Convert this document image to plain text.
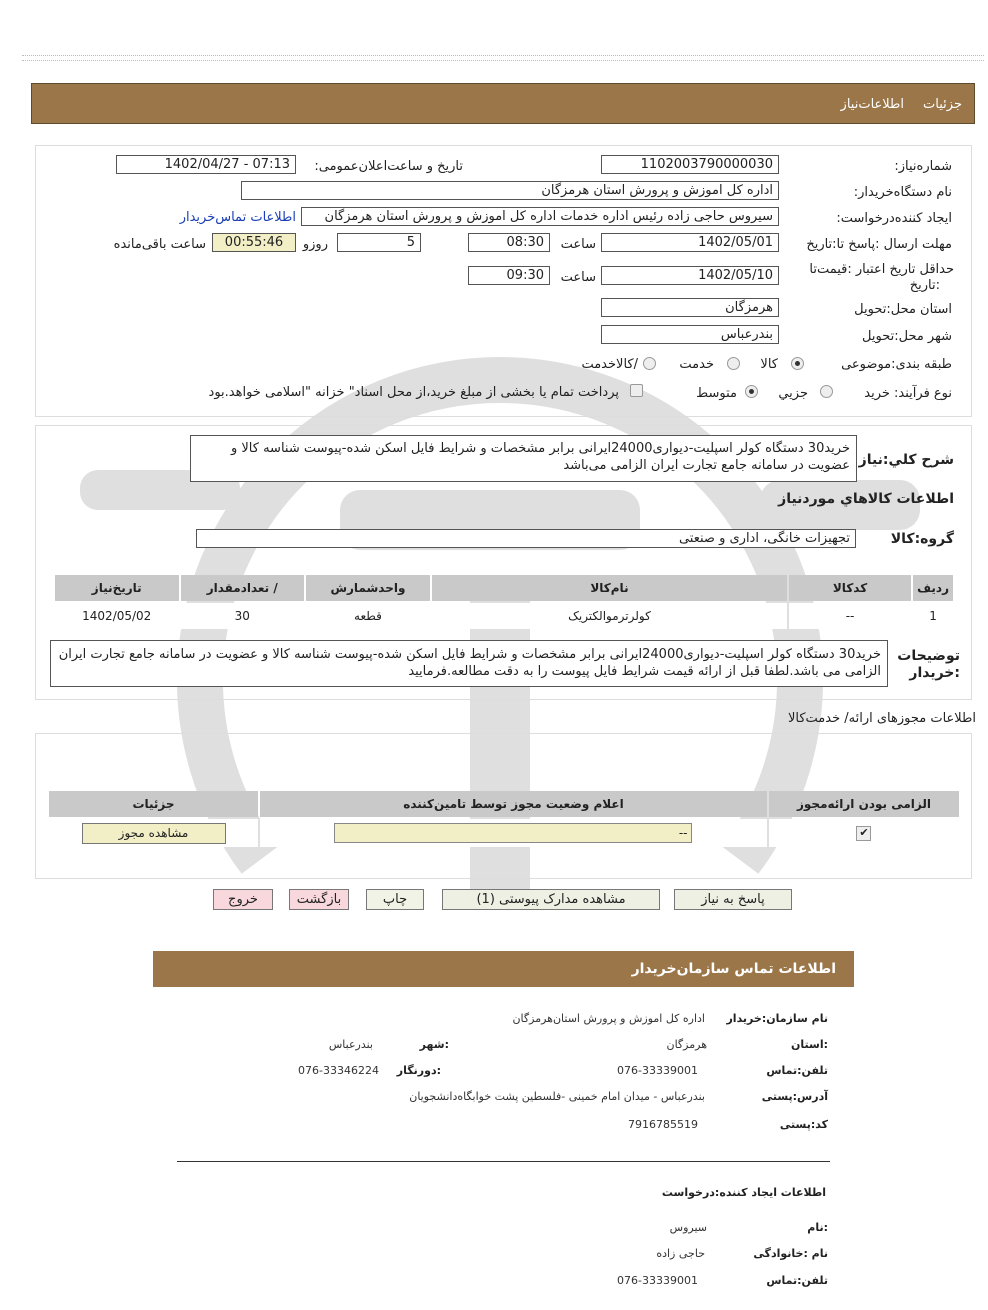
جزئیات
اطلاعات‌نیاز
شماره‌نیاز:
1102003790000030
تاریخ و ساعت‌اعلان‌عمومی:
1402/04/27 - 07:13
نام دستگاه‌خریدار:
اداره کل اموزش و پرورش استان هرمزگان
ایجاد کننده‌درخواست:
سیروس حاجی زاده رئیس اداره خدمات اداره کل اموزش و پرورش استان هرمزگان
اطلاعات تماس‌خریدار
مهلت ارسال :پاسخ تا:تاریخ
1402/05/01
ساعت
08:30
5
روزو
00:55:46
ساعت باقی‌مانده
حداقل تاریخ اعتبار :قیمت‌تا
:تاریخ
1402/05/10
ساعت
09:30
استان محل:تحویل
هرمزگان
شهر محل:تحویل
بندرعباس
طبقه بندی:موضوعی
کالا
خدمت
/کالاخدمت
نوع فرآیند: خرید
جزیي
متوسط
پرداخت تمام یا بخشی از مبلغ خرید،از محل اسناد" خزانه "اسلامی خواهد.بود
شرح کلي:نیاز
خرید30 دستگاه کولر اسپلیت-دیواری24000ایرانی برابر مشخصات و شرایط فایل اسکن شده-پیوست شناسه کالا و عضویت در سامانه جامع تجارت ایران الزامی می‌باشد
اطلاعات کالاهاي موردنیاز
گروه:کالا
تجهیزات خانگی، اداری و صنعتی
ردیف	کدکالا	نام‌کالا	واحدشمارش	/ تعدادمقدار	تاریخ‌نیاز
1	--	کولرترموالکتریک	قطعه	30	1402/05/02
توضیحات
:خریدار
خرید30 دستگاه کولر اسپلیت-دیواری24000ایرانی برابر مشخصات و شرایط فایل اسکن شده-پیوست شناسه کالا و عضویت در سامانه جامع تجارت ایران الزامی می باشد.لطفا قبل از ارائه قیمت شرایط فایل پیوست را به دقت مطالعه.فرمایید
اطلاعات مجوزهای ارائه/ خدمت‌کالا
الزامی بودن ارائه‌مجوز	اعلام وضعیت مجوز توسط تامین‌کننده	جزئیات
✔	--	مشاهده مجوز
پاسخ به نیاز
مشاهده مدارک پیوستی (1)
چاپ
بازگشت
خروج
اطلاعات تماس سازمان‌خریدار
نام سازمان:خریدار
اداره کل اموزش و پرورش استان‌هرمزگان
:استان
هرمزگان
:شهر
بندرعباس
تلفن:تماس
076-33339001
:دورنگار
076-33346224
آدرس:پستی
بندرعباس - میدان امام خمینی -فلسطین پشت خوابگاه‌دانشجویان
کد:پستی
7916785519
اطلاعات ایجاد کننده:درخواست
:نام
سیروس
نام :خانوادگی
حاجی زاده
تلفن:تماس
076-33339001
